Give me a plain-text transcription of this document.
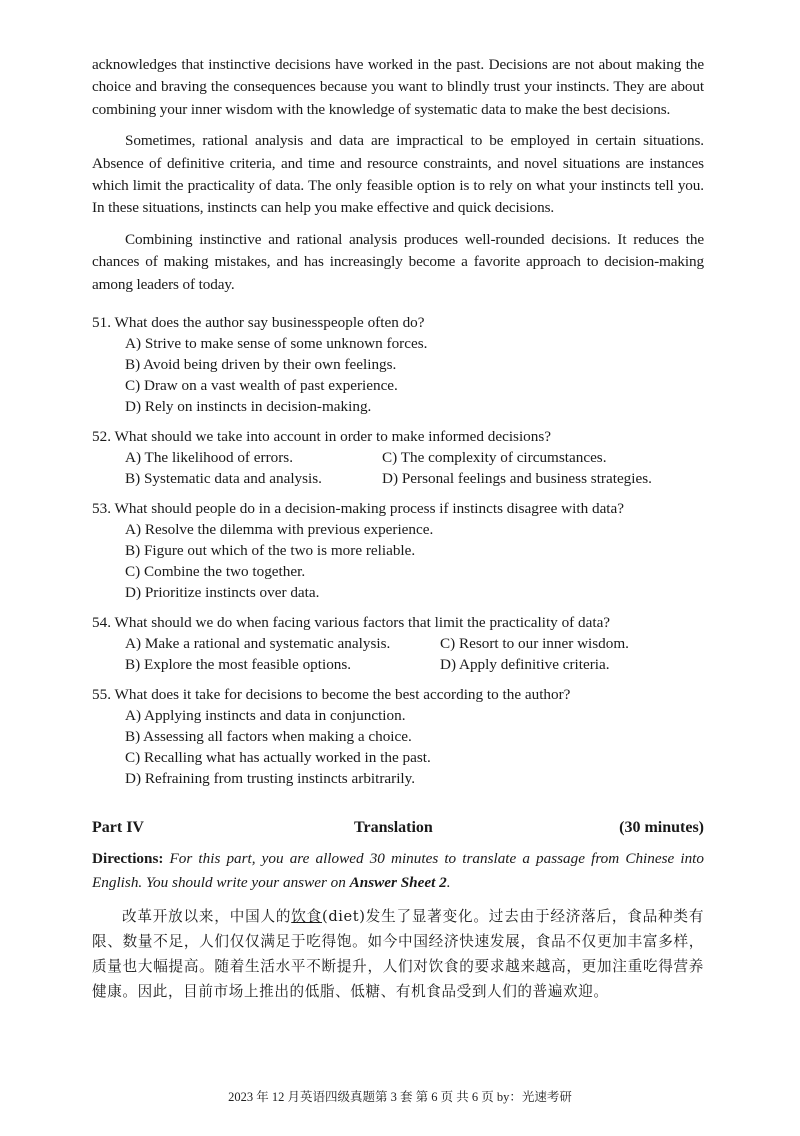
acknowledges that instinctive decisions have worked in the past. Decisions are not about making the choice and braving the consequences because you want to blindly trust your instincts. They are about combining your inner wisdom with the knowledge of systematic data to make the best decisions.

Sometimes, rational analysis and data are impractical to be employed in certain situations. Absence of definitive criteria, and time and resource constraints, and novel situations are instances which limit the practicality of data. The only feasible option is to rely on what your instincts tell you. In these situations, instincts can help you make effective and quick decisions.

Combining instinctive and rational analysis produces well-rounded decisions. It reduces the chances of making mistakes, and has increasingly become a favorite approach to decision-making among leaders of today.

51. What does the author say businesspeople often do?

A) Strive to make sense of some unknown forces.
B) Avoid being driven by their own feelings.
C) Draw on a vast wealth of past experience.
D) Rely on instincts in decision-making.

52. What should we take into account in order to make informed decisions?

A) The likelihood of errors.	C) The complexity of circumstances.
B) Systematic data and analysis.	D) Personal feelings and business strategies.

53. What should people do in a decision-making process if instincts disagree with data?

A) Resolve the dilemma with previous experience.
B) Figure out which of the two is more reliable.
C) Combine the two together.
D) Prioritize instincts over data.

54. What should we do when facing various factors that limit the practicality of data?

A) Make a rational and systematic analysis.	C) Resort to our inner wisdom.
B) Explore the most feasible options.	D) Apply definitive criteria.

55. What does it take for decisions to become the best according to the author?

A) Applying instincts and data in conjunction.
B) Assessing all factors when making a choice.
C) Recalling what has actually worked in the past.
D) Refraining from trusting instincts arbitrarily.
Part IV	Translation	(30 minutes)
Directions: For this part, you are allowed 30 minutes to translate a passage from Chinese into English. You should write your answer on Answer Sheet 2.
改革开放以来，中国人的饮食(diet)发生了显著变化。过去由于经济落后，食品种类有限、数量不足，人们仅仅满足于吃得饱。如今中国经济快速发展，食品不仅更加丰富多样，质量也大幅提高。随着生活水平不断提升，人们对饮食的要求越来越高，更加注重吃得营养健康。因此，目前市场上推出的低脂、低糖、有机食品受到人们的普遍欢迎。
2023 年 12 月英语四级真题第 3 套 第 6 页 共 6 页 by：光速考研
